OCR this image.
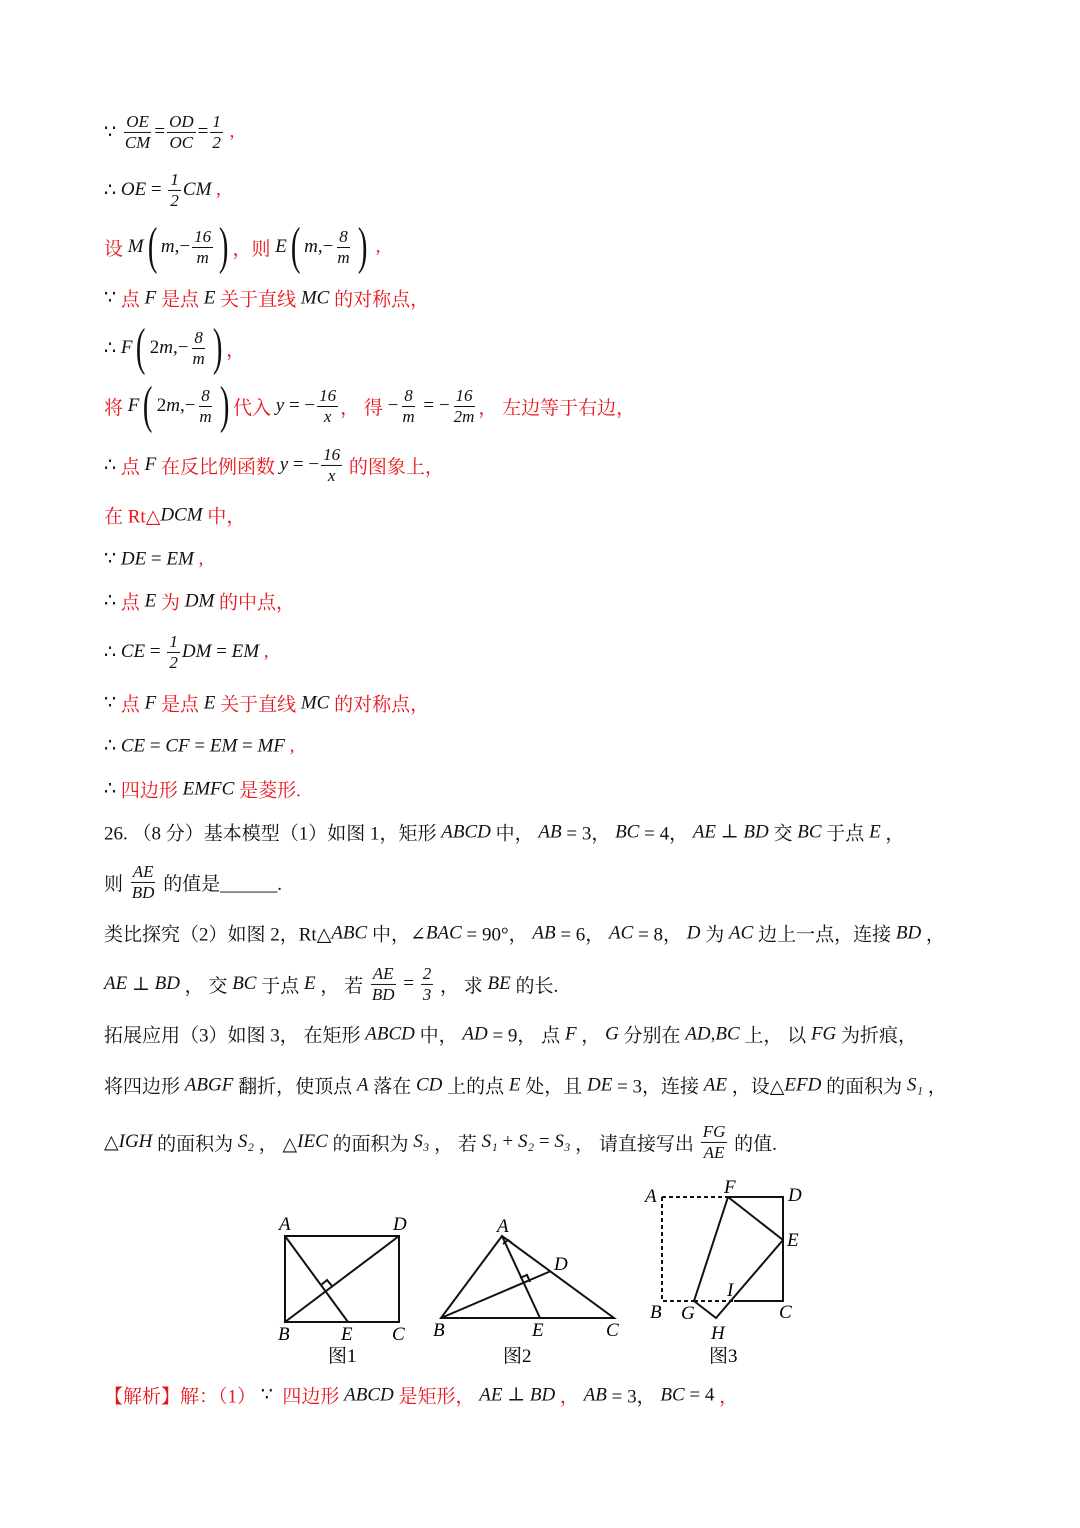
∵ $\frac{OE}{CM} = \frac{OD}{OC} = \frac{1}{2}$ ,
∴ OE = $\frac{1}{2}$ CM ,
设 M ( m ,− $\frac{16}{m}$ ) ，则 E ( m ,− $\frac{8}{m}$ ) ,
∵ 点 F 是点 E 关于直线 MC 的对称点，
∴ F ( 2 m ,− $\frac{8}{m}$ ) ，
将 F ( 2 m ,− $\frac{8}{m}$ ) 代入 y = − $\frac{16}{x}$ ， 得 − $\frac{8}{m}$ = − $\frac{16}{2m}$ ， 左边等于右边，
∴ 点 F 在反比例函数 y = − $\frac{16}{x}$ 的图象上，
在 Rt△ DCM 中，
∵ DE = EM ,
∴ 点 E 为 DM 的中点，
∴ CE = $\frac{1}{2}$ DM = EM ,
∵ 点 F 是点 E 关于直线 MC 的对称点，
∴ CE = CF = EM = MF ,
∴ 四边形 EMFC 是菱形.
26. （8 分）基本模型（1）如图 1，矩形 ABCD 中， AB = 3， BC = 4， AE ⊥ BD 交 BC 于点 E ，
则 $\frac{AE}{BD}$ 的值是______.
类比探究（2）如图 2，Rt△ ABC 中，∠ BAC = 90°， AB = 6， AC = 8， D 为 AC 边上一点，连接 BD ，
AE ⊥ BD ， 交 BC 于点 E ， 若 $\frac{AE}{BD} = \frac{2}{3}$ ， 求 BE 的长.
拓展应用（3）如图 3， 在矩形 ABCD 中， AD = 9， 点 F ， G 分别在 AD , BC 上， 以 FG 为折痕，
将四边形 ABGF 翻折，使顶点 A 落在 CD 上的点 E 处，且 DE = 3，连接 AE ，设△ EFD 的面积为 S₁ ，
△ IGH 的面积为 S₂ ， △ IEC 的面积为 S₃ ， 若 S₁ + S₂ = S₃ ， 请直接写出 $\frac{FG}{AE}$ 的值.
【解析】解：（1） ∵ 四边形 ABCD 是矩形， AE ⊥ BD ， AB = 3， BC = 4 ，
A	D
B	E C
图1
A
D
B	E	C
图2
A	F	D
E
I
B G	C
H
图3
